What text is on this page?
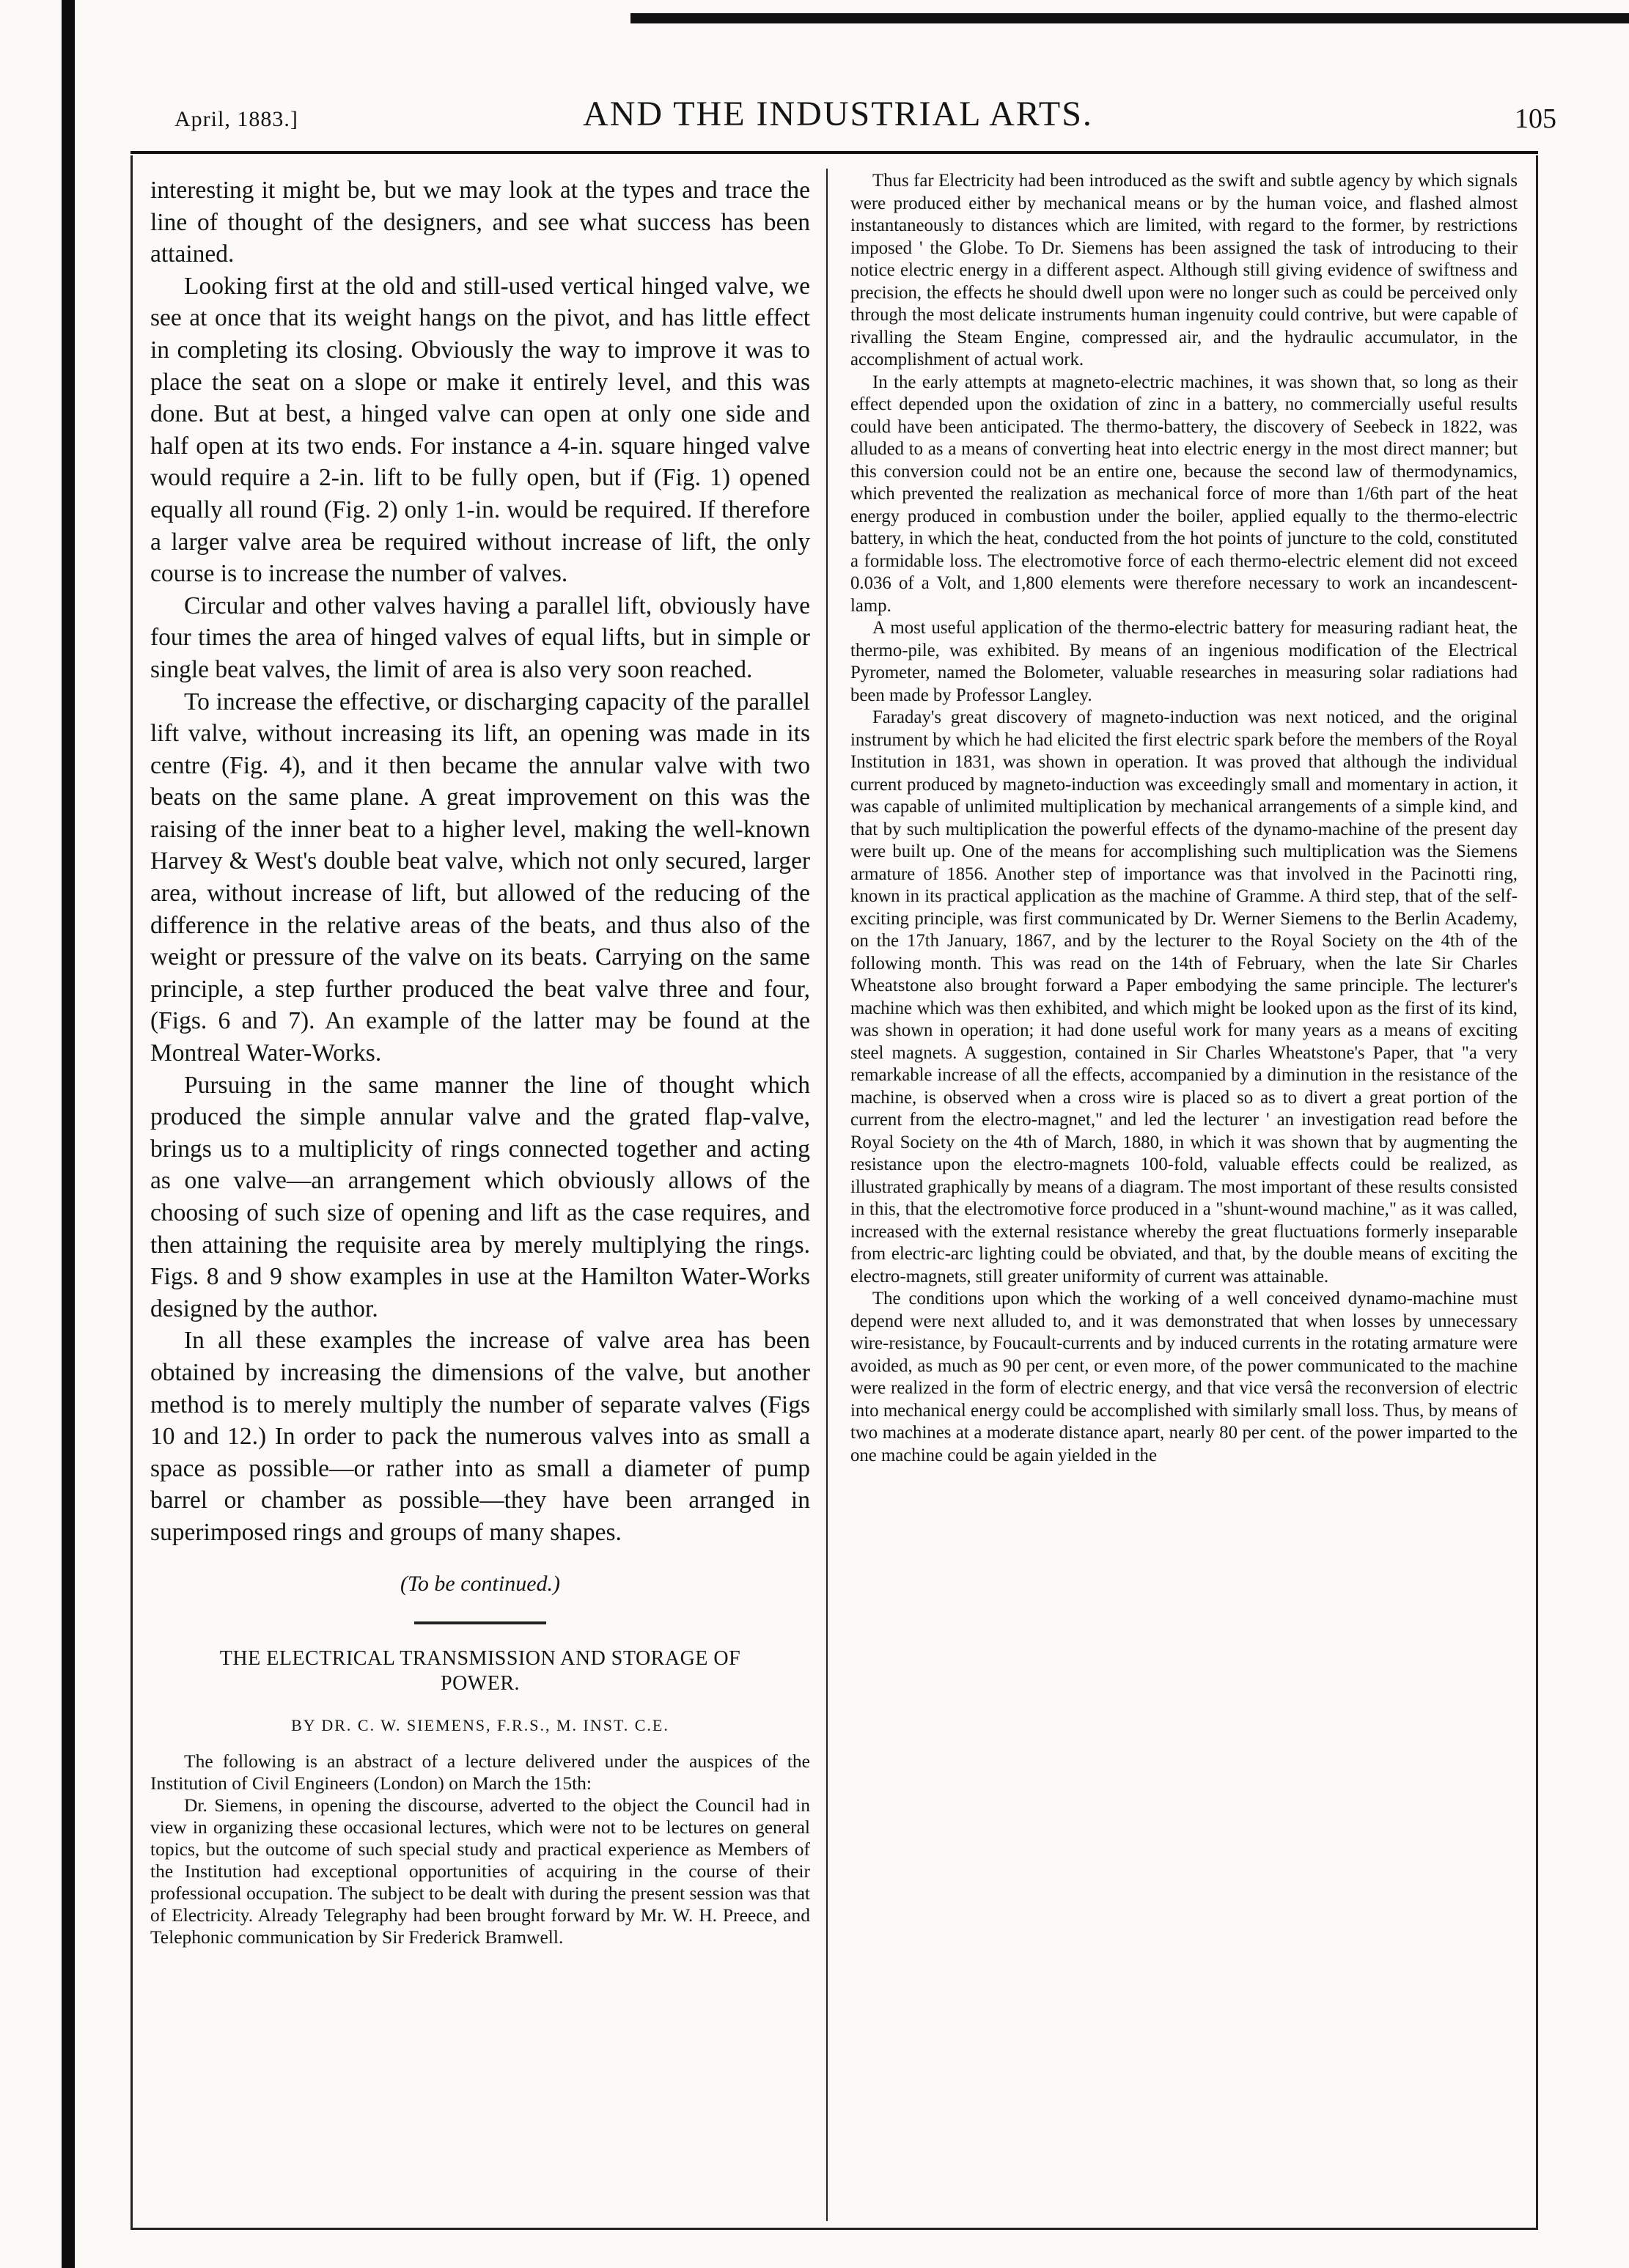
April, 1883.]	AND THE INDUSTRIAL ARTS.	105

interesting it might be, but we may look at the types and trace the line of thought of the designers, and see what success has been attained.

Looking first at the old and still-used vertical hinged valve, we see at once that its weight hangs on the pivot, and has little effect in completing its closing. Obviously the way to improve it was to place the seat on a slope or make it entirely level, and this was done. But at best, a hinged valve can open at only one side and half open at its two ends. For instance a 4-in. square hinged valve would require a 2-in. lift to be fully open, but if (Fig. 1) opened equally all round (Fig. 2) only 1-in. would be required. If therefore a larger valve area be required without increase of lift, the only course is to increase the number of valves.

Circular and other valves having a parallel lift, obviously have four times the area of hinged valves of equal lifts, but in simple or single beat valves, the limit of area is also very soon reached.

To increase the effective, or discharging capacity of the parallel lift valve, without increasing its lift, an opening was made in its centre (Fig. 4), and it then became the annular valve with two beats on the same plane. A great improvement on this was the raising of the inner beat to a higher level, making the well-known Harvey & West's double beat valve, which not only secured, larger area, without increase of lift, but allowed of the reducing of the difference in the relative areas of the beats, and thus also of the weight or pressure of the valve on its beats. Carrying on the same principle, a step further produced the beat valve three and four, (Figs. 6 and 7). An example of the latter may be found at the Montreal Water-Works.

Pursuing in the same manner the line of thought which produced the simple annular valve and the grated flap-valve, brings us to a multiplicity of rings connected together and acting as one valve—an arrangement which obviously allows of the choosing of such size of opening and lift as the case requires, and then attaining the requisite area by merely multiplying the rings. Figs. 8 and 9 show examples in use at the Hamilton Water-Works designed by the author.

In all these examples the increase of valve area has been obtained by increasing the dimensions of the valve, but another method is to merely multiply the number of separate valves (Figs 10 and 12.) In order to pack the numerous valves into as small a space as possible—or rather into as small a diameter of pump barrel or chamber as possible—they have been arranged in superimposed rings and groups of many shapes.

(To be continued.)
THE ELECTRICAL TRANSMISSION AND STORAGE OF POWER.
BY DR. C. W. SIEMENS, F.R.S., M. INST. C.E.

The following is an abstract of a lecture delivered under the auspices of the Institution of Civil Engineers (London) on March the 15th:

Dr. Siemens, in opening the discourse, adverted to the object the Council had in view in organizing these occasional lectures, which were not to be lectures on general topics, but the outcome of such special study and practical experience as Members of the Institution had exceptional opportunities of acquiring in the course of their professional occupation. The subject to be dealt with during the present session was that of Electricity. Already Telegraphy had been brought forward by Mr. W. H. Preece, and Telephonic communication by Sir Frederick Bramwell.

Thus far Electricity had been introduced as the swift and subtle agency by which signals were produced either by mechanical means or by the human voice, and flashed almost instantaneously to distances which are limited, with regard to the former, by restrictions imposed ' the Globe. To Dr. Siemens has been assigned the task of introducing to their notice electric energy in a different aspect. Although still giving evidence of swiftness and precision, the effects he should dwell upon were no longer such as could be perceived only through the most delicate instruments human ingenuity could contrive, but were capable of rivalling the Steam Engine, compressed air, and the hydraulic accumulator, in the accomplishment of actual work.

In the early attempts at magneto-electric machines, it was shown that, so long as their effect depended upon the oxidation of zinc in a battery, no commercially useful results could have been anticipated. The thermo-battery, the discovery of Seebeck in 1822, was alluded to as a means of converting heat into electric energy in the most direct manner; but this conversion could not be an entire one, because the second law of thermodynamics, which prevented the realization as mechanical force of more than 1/6th part of the heat energy produced in combustion under the boiler, applied equally to the thermo-electric battery, in which the heat, conducted from the hot points of juncture to the cold, constituted a formidable loss. The electromotive force of each thermo-electric element did not exceed 0.036 of a Volt, and 1,800 elements were therefore necessary to work an incandescent-lamp.

A most useful application of the thermo-electric battery for measuring radiant heat, the thermo-pile, was exhibited. By means of an ingenious modification of the Electrical Pyrometer, named the Bolometer, valuable researches in measuring solar radiations had been made by Professor Langley.

Faraday's great discovery of magneto-induction was next noticed, and the original instrument by which he had elicited the first electric spark before the members of the Royal Institution in 1831, was shown in operation. It was proved that although the individual current produced by magneto-induction was exceedingly small and momentary in action, it was capable of unlimited multiplication by mechanical arrangements of a simple kind, and that by such multiplication the powerful effects of the dynamo-machine of the present day were built up. One of the means for accomplishing such multiplication was the Siemens armature of 1856. Another step of importance was that involved in the Pacinotti ring, known in its practical application as the machine of Gramme. A third step, that of the self-exciting principle, was first communicated by Dr. Werner Siemens to the Berlin Academy, on the 17th January, 1867, and by the lecturer to the Royal Society on the 4th of the following month. This was read on the 14th of February, when the late Sir Charles Wheatstone also brought forward a Paper embodying the same principle. The lecturer's machine which was then exhibited, and which might be looked upon as the first of its kind, was shown in operation; it had done useful work for many years as a means of exciting steel magnets. A suggestion, contained in Sir Charles Wheatstone's Paper, that "a very remarkable increase of all the effects, accompanied by a diminution in the resistance of the machine, is observed when a cross wire is placed so as to divert a great portion of the current from the electro-magnet," and led the lecturer ' an investigation read before the Royal Society on the 4th of March, 1880, in which it was shown that by augmenting the resistance upon the electro-magnets 100-fold, valuable effects could be realized, as illustrated graphically by means of a diagram. The most important of these results consisted in this, that the electromotive force produced in a "shunt-wound machine," as it was called, increased with the external resistance whereby the great fluctuations formerly inseparable from electric-arc lighting could be obviated, and that, by the double means of exciting the electro-magnets, still greater uniformity of current was attainable.

The conditions upon which the working of a well conceived dynamo-machine must depend were next alluded to, and it was demonstrated that when losses by unnecessary wire-resistance, by Foucault-currents and by induced currents in the rotating armature were avoided, as much as 90 per cent, or even more, of the power communicated to the machine were realized in the form of electric energy, and that vice versâ the reconversion of electric into mechanical energy could be accomplished with similarly small loss. Thus, by means of two machines at a moderate distance apart, nearly 80 per cent. of the power imparted to the one machine could be again yielded in the
